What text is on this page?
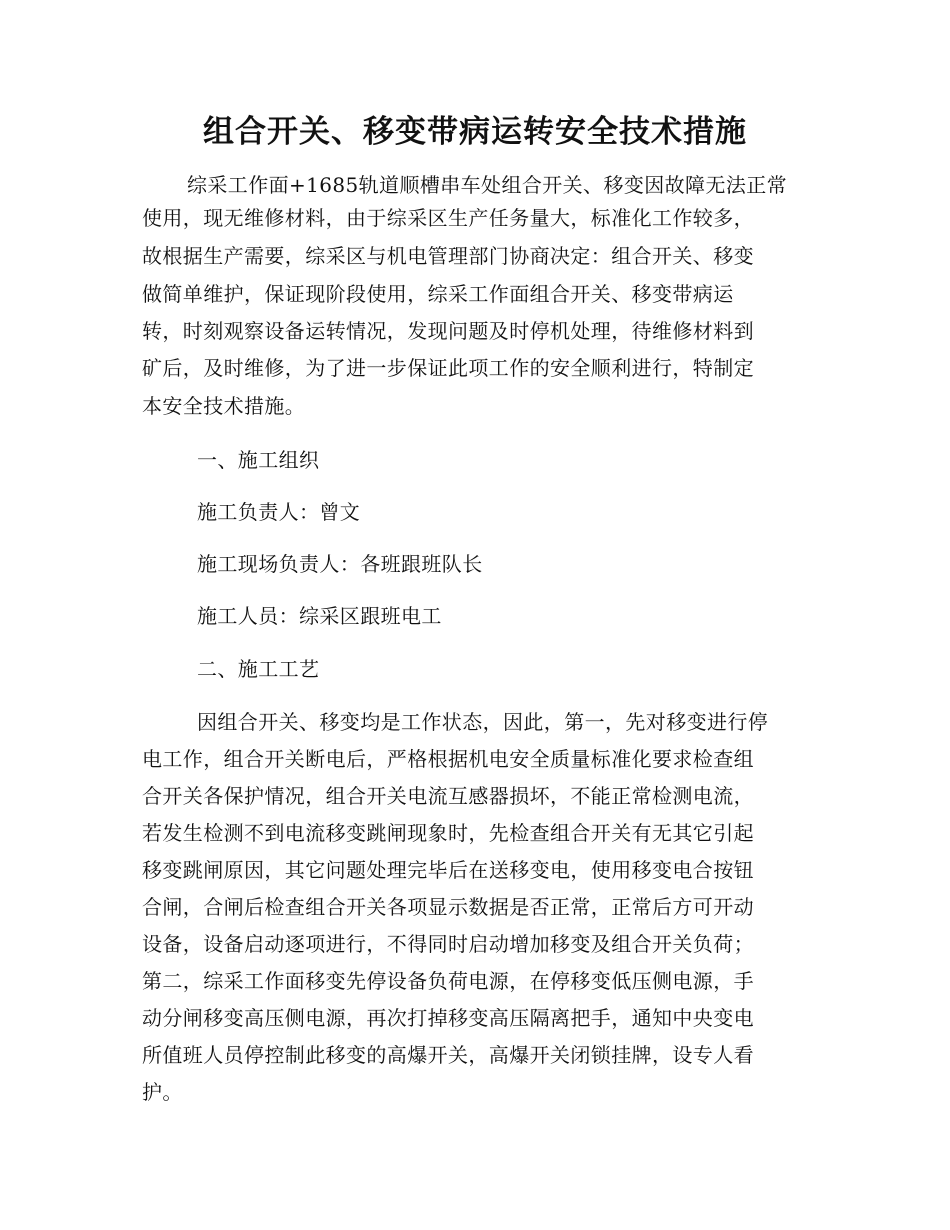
组合开关、移变带病运转安全技术措施
综采工作面+1685轨道顺槽串车处组合开关、移变因故障无法正常
使用，现无维修材料，由于综采区生产任务量大，标准化工作较多，
故根据生产需要，综采区与机电管理部门协商决定：组合开关、移变
做简单维护，保证现阶段使用，综采工作面组合开关、移变带病运
转，时刻观察设备运转情况，发现问题及时停机处理，待维修材料到
矿后，及时维修，为了进一步保证此项工作的安全顺利进行，特制定
本安全技术措施。
一、施工组织
施工负责人：曾文
施工现场负责人：各班跟班队长
施工人员：综采区跟班电工
二、施工工艺
因组合开关、移变均是工作状态，因此，第一，先对移变进行停
电工作，组合开关断电后，严格根据机电安全质量标准化要求检查组
合开关各保护情况，组合开关电流互感器损坏，不能正常检测电流，
若发生检测不到电流移变跳闸现象时，先检查组合开关有无其它引起
移变跳闸原因，其它问题处理完毕后在送移变电，使用移变电合按钮
合闸，合闸后检查组合开关各项显示数据是否正常，正常后方可开动
设备，设备启动逐项进行，不得同时启动增加移变及组合开关负荷；
第二，综采工作面移变先停设备负荷电源，在停移变低压侧电源，手
动分闸移变高压侧电源，再次打掉移变高压隔离把手，通知中央变电
所值班人员停控制此移变的高爆开关，高爆开关闭锁挂牌，设专人看
护。
